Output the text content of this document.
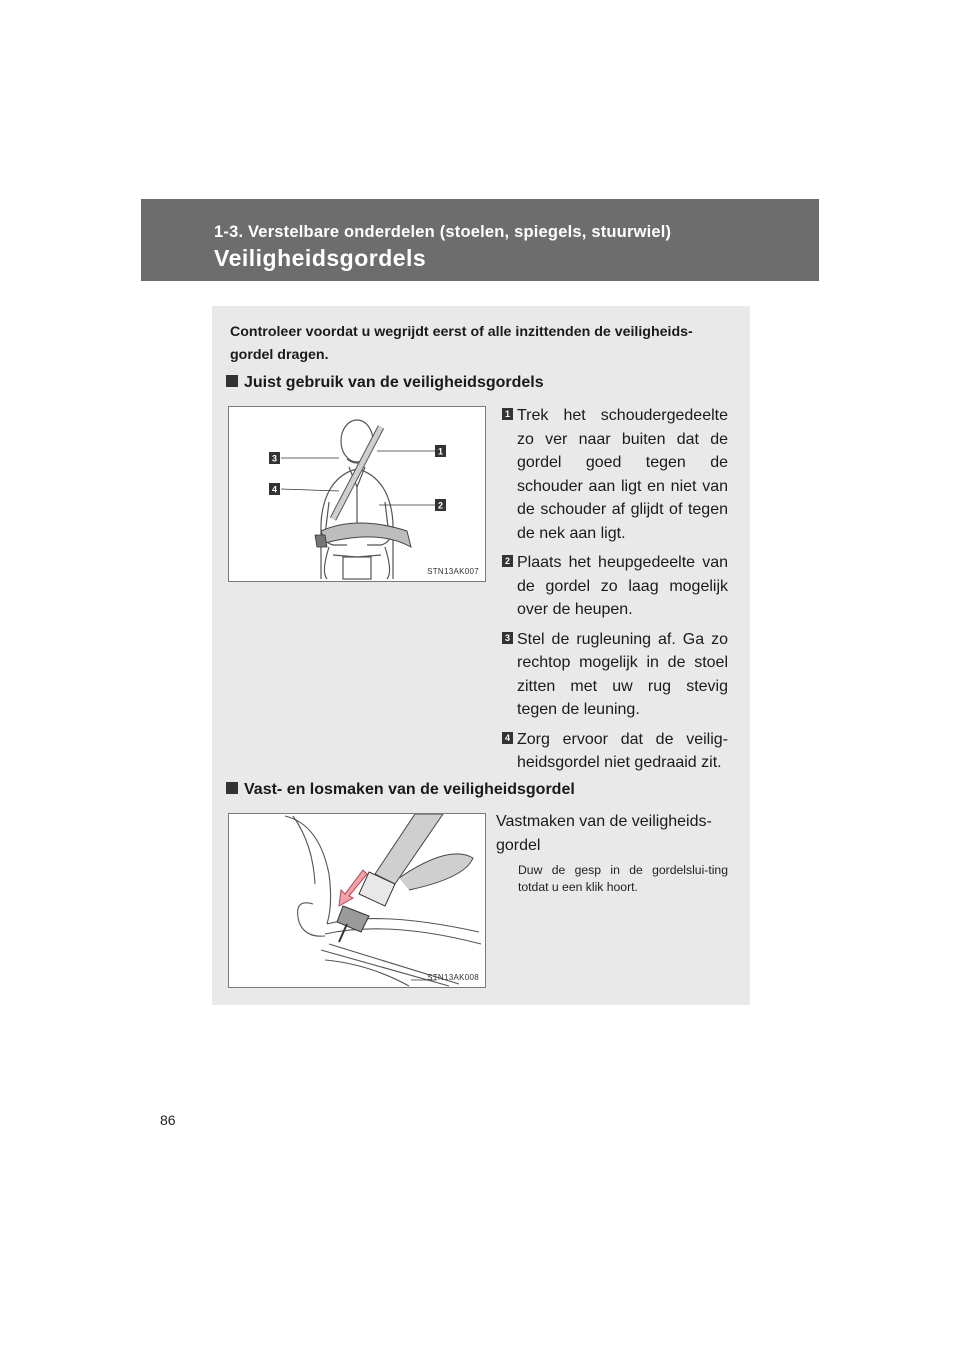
1-3. Verstelbare onderdelen (stoelen, spiegels, stuurwiel)
Veiligheidsgordels
Controleer voordat u wegrijdt eerst of alle inzittenden de veiligheids-gordel dragen.
Juist gebruik van de veiligheidsgordels
1
2
3
4
STN13AK007
1 Trek het schoudergedeelte zo ver naar buiten dat de gordel goed tegen de schouder aan ligt en niet van de schouder af glijdt of tegen de nek aan ligt.
2 Plaats het heupgedeelte van de gordel zo laag mogelijk over de heupen.
3 Stel de rugleuning af. Ga zo rechtop mogelijk in de stoel zitten met uw rug stevig tegen de leuning.
4 Zorg ervoor dat de veilig-heidsgordel niet gedraaid zit.
Vast- en losmaken van de veiligheidsgordel
STN13AK008
Vastmaken van de veiligheids-gordel
Duw de gesp in de gordelslui-ting totdat u een klik hoort.
86
